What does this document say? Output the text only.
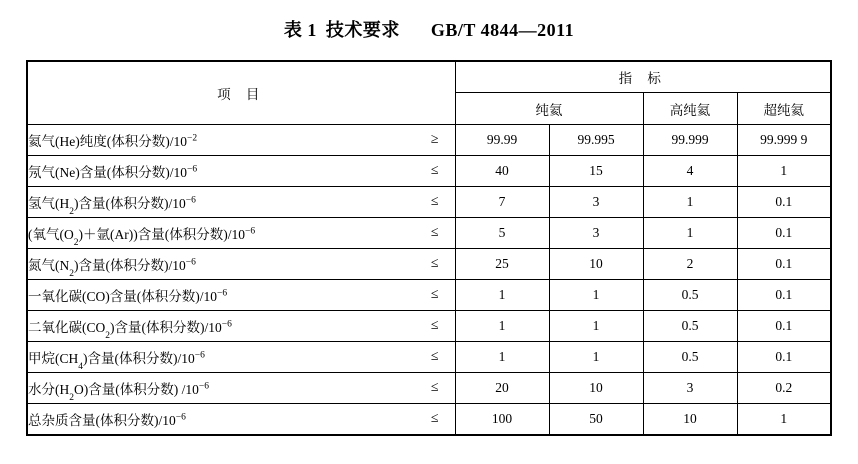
表 1 技术要求 GB/T 4844—2011
项 目	指 标			
	纯氦		高纯氦	超纯氦
氦气(He)纯度(体积分数)$/10^{-2}$ ≥	99.99	99.995	99.999	99.999 9
氖气(Ne)含量(体积分数)$/10^{-6}$ ≤	40	15	4	1
氢气(H2)含量(体积分数)$/10^{-6}$ ≤	7	3	1	0.1
(氧气(O2)＋氩(Ar))含量(体积分数)$/10^{-6}$ ≤	5	3	1	0.1
氮气(N2)含量(体积分数)$/10^{-6}$ ≤	25	10	2	0.1
一氧化碳(CO)含量(体积分数)$/10^{-6}$ ≤	1	1	0.5	0.1
二氧化碳(CO2)含量(体积分数)$/10^{-6}$ ≤	1	1	0.5	0.1
甲烷(CH4)含量(体积分数)$/10^{-6}$ ≤	1	1	0.5	0.1
水分(H2O)含量(体积分数) $/10^{-6}$ ≤	20	10	3	0.2
总杂质含量(体积分数)$/10^{-6}$ ≤	100	50	10	1
